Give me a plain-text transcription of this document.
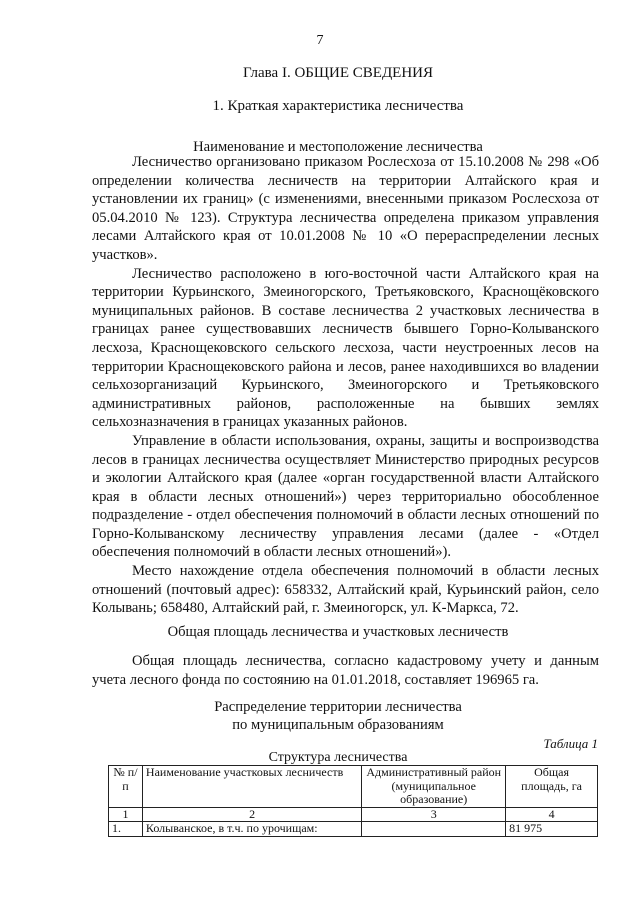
7
Глава I. ОБЩИЕ СВЕДЕНИЯ
1. Краткая характеристика лесничества
Наименование и местоположение лесничества

Лесничество организовано приказом Рослесхоза от 15.10.2008 № 298 «Об определении количества лесничеств на территории Алтайского края и установлении их границ» (с изменениями, внесенными приказом Рослесхоза от 05.04.2010 № 123). Структура лесничества определена приказом управления лесами Алтайского края от 10.01.2008 № 10 «О перераспределении лесных участков».

Лесничество расположено в юго-восточной части Алтайского края на территории Курьинского, Змеиногорского, Третьяковского, Краснощёковского муниципальных районов. В составе лесничества 2 участковых лесничества в границах ранее существовавших лесничеств бывшего Горно-Колыванского лесхоза, Краснощековского сельского лесхоза, части неустроенных лесов на территории Краснощековского района и лесов, ранее находившихся во владении сельхозорганизаций Курьинского, Змеиногорского и Третьяковского административных районов, расположенные на бывших землях сельхозназначения в границах указанных районов.

Управление в области использования, охраны, защиты и воспроизводства лесов в границах лесничества осуществляет Министерство природных ресурсов и экологии Алтайского края (далее «орган государственной власти Алтайского края в области лесных отношений») через территориально обособленное подразделение - отдел обеспечения полномочий в области лесных отношений по Горно-Колыванскому лесничеству управления лесами (далее - «Отдел обеспечения полномочий в области лесных отношений»).

Место нахождение отдела обеспечения полномочий в области лесных отношений (почтовый адрес): 658332, Алтайский край, Курьинский район, село Колывань; 658480, Алтайский рай, г. Змеиногорск, ул. К-Маркса, 72.

Общая площадь лесничества и участковых лесничеств

Общая площадь лесничества, согласно кадастровому учету и данным учета лесного фонда по состоянию на 01.01.2018, составляет 196965 га.

Распределение территории лесничества
по муниципальным образованиям
Таблица 1
Структура лесничества
№ п/п	Наименование участковых лесничеств	Административный район (муниципальное образование)	Общая площадь, га
1	2	3	4
1.	Колыванское, в т.ч. по урочищам:		81 975
